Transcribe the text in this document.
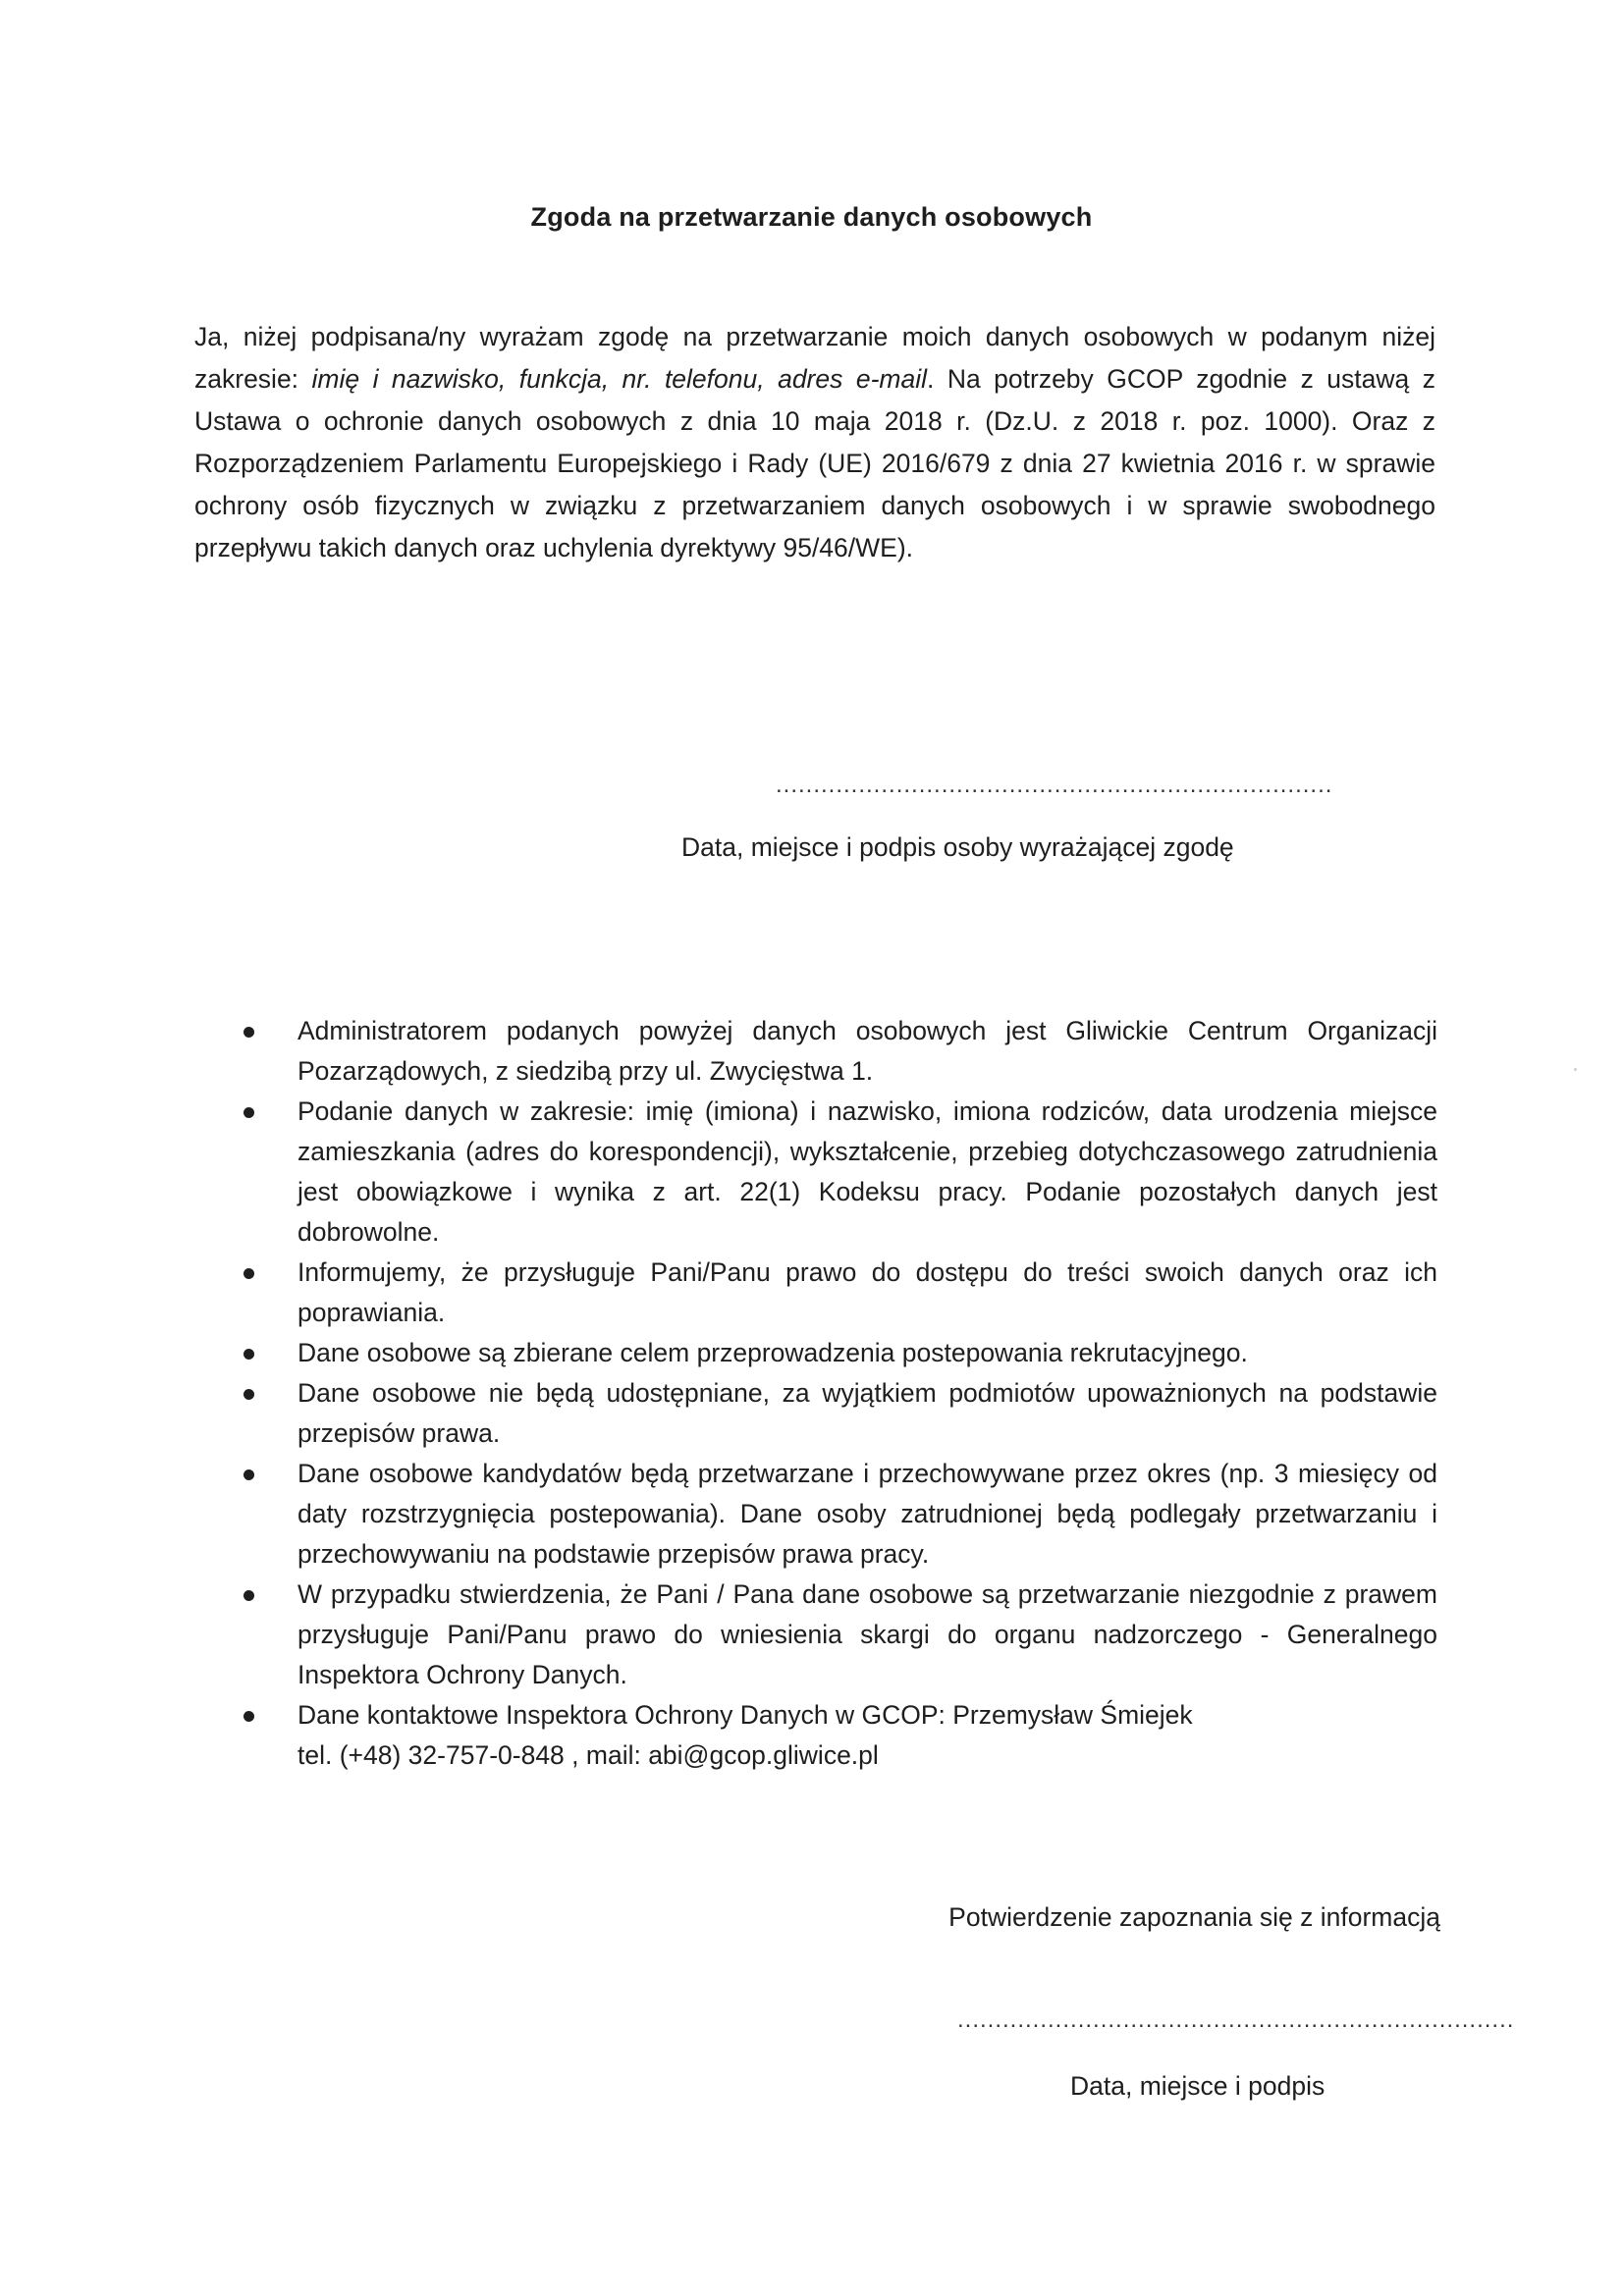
Zgoda na przetwarzanie danych osobowych

Ja, niżej podpisana/ny wyrażam zgodę na przetwarzanie moich danych osobowych w podanym niżej zakresie: imię i nazwisko, funkcja, nr. telefonu, adres e-mail. Na potrzeby GCOP zgodnie z ustawą z Ustawa o ochronie danych osobowych z dnia 10 maja 2018 r. (Dz.U. z 2018 r. poz. 1000). Oraz z Rozporządzeniem Parlamentu Europejskiego i Rady (UE) 2016/679 z dnia 27 kwietnia 2016 r. w sprawie ochrony osób fizycznych w związku z przetwarzaniem danych osobowych i w sprawie swobodnego przepływu takich danych oraz uchylenia dyrektywy 95/46/WE).

..........................................................................
Data, miejsce i podpis osoby wyrażającej zgodę
Administratorem podanych powyżej danych osobowych jest Gliwickie Centrum Organizacji Pozarządowych, z siedzibą przy ul. Zwycięstwa 1.
Podanie danych w zakresie: imię (imiona) i nazwisko, imiona rodziców, data urodzenia miejsce zamieszkania (adres do korespondencji), wykształcenie, przebieg dotychczasowego zatrudnienia jest obowiązkowe i wynika z art. 22(1) Kodeksu pracy. Podanie pozostałych danych jest dobrowolne.
Informujemy, że przysługuje Pani/Panu prawo do dostępu do treści swoich danych oraz ich poprawiania.
Dane osobowe są zbierane celem przeprowadzenia postepowania rekrutacyjnego.
Dane osobowe nie będą udostępniane, za wyjątkiem podmiotów upoważnionych na podstawie przepisów prawa.
Dane osobowe kandydatów będą przetwarzane i przechowywane przez okres (np. 3 miesięcy od daty rozstrzygnięcia postepowania). Dane osoby zatrudnionej będą podlegały przetwarzaniu i przechowywaniu na podstawie przepisów prawa pracy.
W przypadku stwierdzenia, że Pani / Pana dane osobowe są przetwarzanie niezgodnie z prawem przysługuje Pani/Panu prawo do wniesienia skargi do organu nadzorczego - Generalnego Inspektora Ochrony Danych.
Dane kontaktowe Inspektora Ochrony Danych w GCOP: Przemysław Śmiejek
tel. (+48) 32-757-0-848 , mail: abi@gcop.gliwice.pl
Potwierdzenie zapoznania się z informacją
..........................................................................
Data, miejsce i podpis
